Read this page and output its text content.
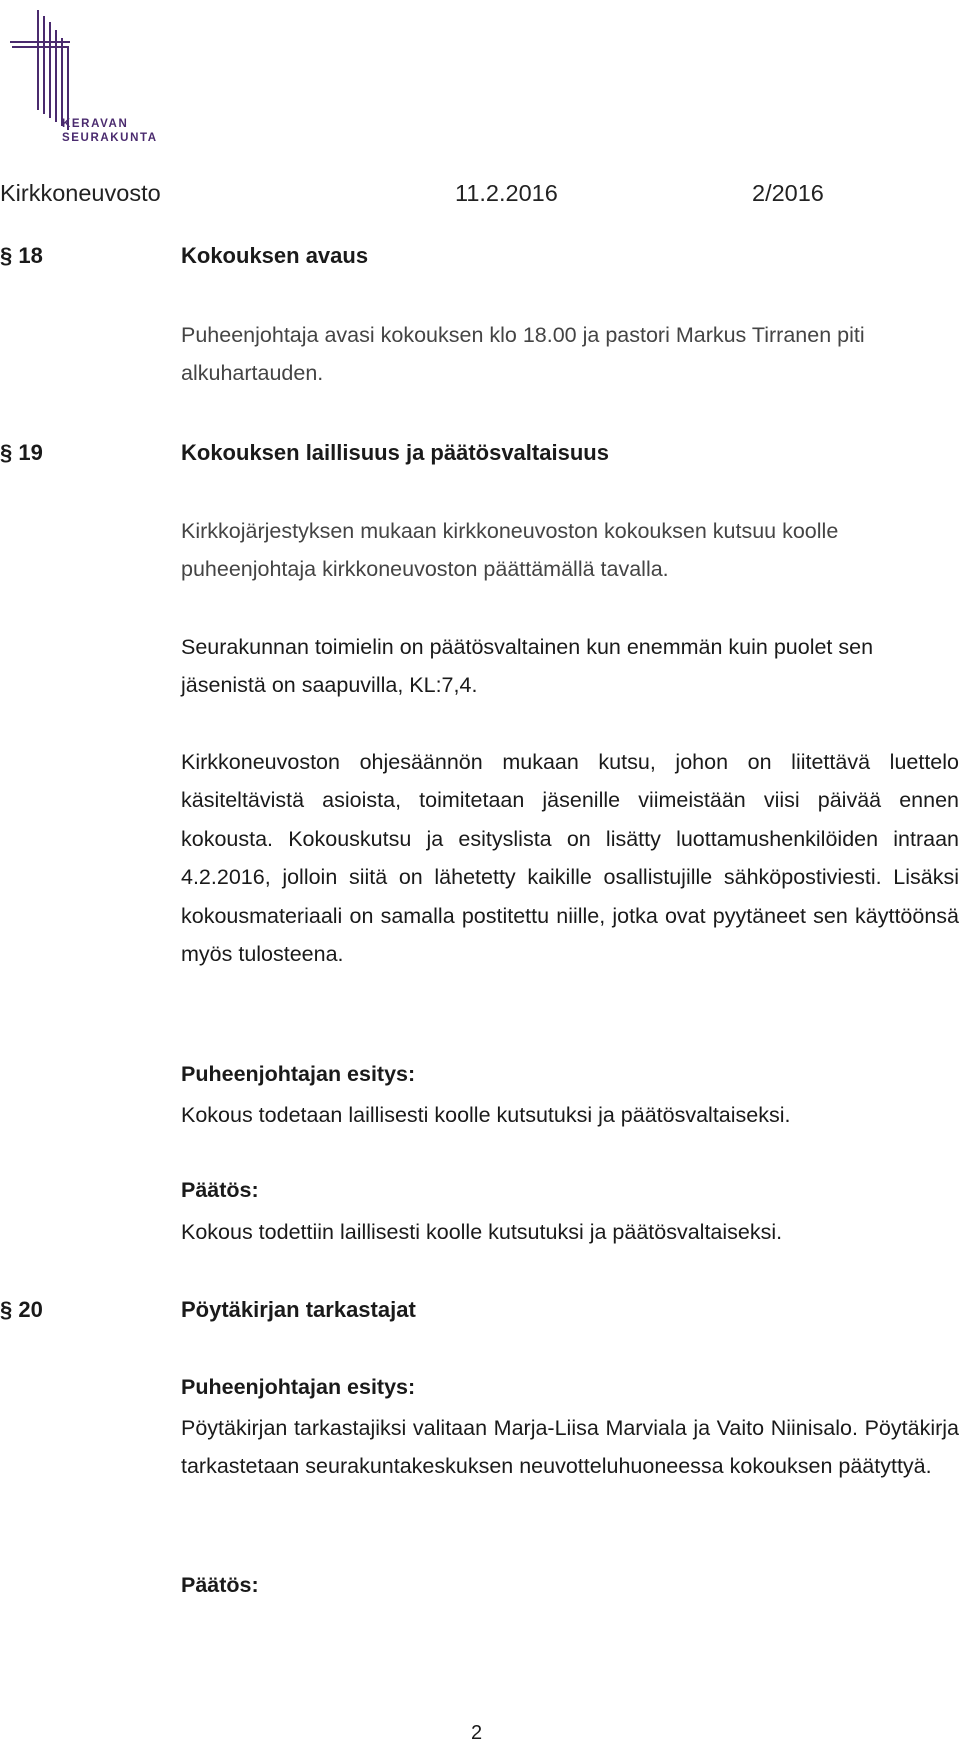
KERAVAN
SEURAKUNTA
Kirkkoneuvosto	11.2.2016	2/2016
§ 18	Kokouksen avaus
Puheenjohtaja avasi kokouksen klo 18.00 ja pastori Markus Tirranen piti alkuhartauden.
§ 19	Kokouksen laillisuus ja päätösvaltaisuus
Kirkkojärjestyksen mukaan kirkkoneuvoston kokouksen kutsuu koolle puheenjohtaja kirkkoneuvoston päättämällä tavalla.
Seurakunnan toimielin on päätösvaltainen kun enemmän kuin puolet sen jäsenistä on saapuvilla, KL:7,4.
Kirkkoneuvoston ohjesäännön mukaan kutsu, johon on liitettävä luettelo käsiteltävistä asioista, toimitetaan jäsenille viimeistään viisi päivää ennen kokousta. Kokouskutsu ja esityslista on lisätty luottamushenkilöiden intraan 4.2.2016, jolloin siitä on lähetetty kaikille osallistujille sähköpostiviesti. Lisäksi kokousmateriaali on samalla postitettu niille, jotka ovat pyytäneet sen käyttöönsä myös tulosteena.
Puheenjohtajan esitys:
Kokous todetaan laillisesti koolle kutsutuksi ja päätösvaltaiseksi.
Päätös:
Kokous todettiin laillisesti koolle kutsutuksi ja päätösvaltaiseksi.
§ 20	Pöytäkirjan tarkastajat
Puheenjohtajan esitys:
Pöytäkirjan tarkastajiksi valitaan Marja-Liisa Marviala ja Vaito Niinisalo. Pöytäkirja tarkastetaan seurakuntakeskuksen neuvotteluhuoneessa kokouksen päätyttyä.
Päätös:
2
